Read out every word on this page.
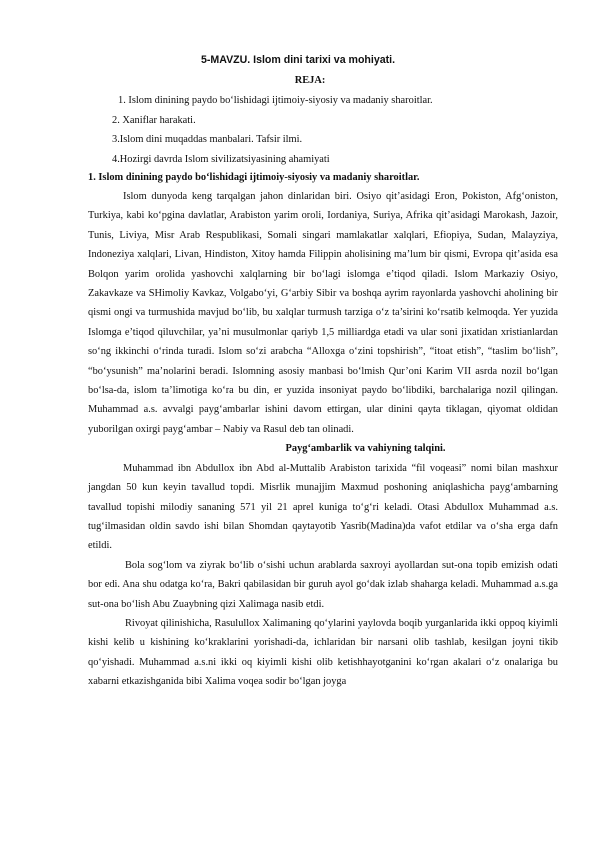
5-MAVZU. Islom dini tarixi va mohiyati.
REJA:
1. Islom dinining paydo bo‘lishidagi ijtimoiy-siyosiy va madaniy sharoitlar.
2. Xaniflar harakati.
3.Islom dini muqaddas manbalari. Tafsir ilmi.
4.Hozirgi davrda Islom sivilizatsiyasining ahamiyati
1. Islom dinining paydo bo‘lishidagi ijtimoiy-siyosiy va madaniy sharoitlar.

Islom dunyoda keng tarqalgan jahon dinlaridan biri. Osiyo qit’asidagi Eron, Pokiston, Afg‘oniston, Turkiya, kabi ko‘pgina davlatlar, Arabiston yarim oroli, Iordaniya, Suriya, Afrika qit’asidagi Marokash, Jazoir, Tunis, Liviya, Misr Arab Respublikasi, Somali singari mamlakatlar xalqlari, Efiopiya, Sudan, Malayziya, Indoneziya xalqlari, Livan, Hindiston, Xitoy hamda Filippin aholisining ma’lum bir qismi, Evropa qit’asida esa Bolqon yarim orolida yashovchi xalqlarning bir bo‘lagi islomga e’tiqod qiladi. Islom Markaziy Osiyo, Zakavkaze va SHimoliy Kavkaz, Volgabo‘yi, G‘arbiy Sibir va boshqa ayrim rayonlarda yashovchi aholining bir qismi ongi va turmushida mavjud bo‘lib, bu xalqlar turmush tarziga o‘z ta’sirini ko‘rsatib kelmoqda. Yer yuzida Islomga e’tiqod qiluvchilar, ya’ni musulmonlar qariyb 1,5 milliardga etadi va ular soni jixatidan xristianlardan so‘ng ikkinchi o‘rinda turadi. Islom so‘zi arabcha “Alloxga o‘zini topshirish”, “itoat etish”, “taslim bo‘lish”, “bo‘ysunish” ma’nolarini beradi. Islomning asosiy manbasi bo‘lmish Qur’oni Karim VII asrda nozil bo‘lgan bo‘lsa-da, islom ta’limotiga ko‘ra bu din, er yuzida insoniyat paydo bo‘libdiki, barchalariga nozil qilingan. Muhammad a.s. avvalgi payg‘ambarlar ishini davom ettirgan, ular dinini qayta tiklagan, qiyomat oldidan yuborilgan oxirgi payg‘ambar – Nabiy va Rasul deb tan olinadi.

Payg‘ambarlik va vahiyning talqini.

Muhammad ibn Abdullox ibn Abd al-Muttalib Arabiston tarixida “fil voqeasi” nomi bilan mashxur jangdan 50 kun keyin tavallud topdi. Misrlik munajjim Maxmud poshoning aniqlashicha payg‘ambarning tavallud topishi milodiy sananing 571 yil 21 aprel kuniga to‘g‘ri keladi. Otasi Abdullox Muhammad a.s. tug‘ilmasidan oldin savdo ishi bilan Shomdan qaytayotib Yasrib(Madina)da vafot etdilar va o‘sha erga dafn etildi.

Bola sog‘lom va ziyrak bo‘lib o‘sishi uchun arablarda saxroyi ayollardan sut-ona topib emizish odati bor edi. Ana shu odatga ko‘ra, Bakri qabilasidan bir guruh ayol go‘dak izlab shaharga keladi. Muhammad a.s.ga sut-ona bo‘lish Abu Zuaybning qizi Xalimaga nasib etdi.

Rivoyat qilinishicha, Rasulullox Xalimaning qo‘ylarini yaylovda boqib yurganlarida ikki oppoq kiyimli kishi kelib u kishining ko‘kraklarini yorishadi-da, ichlaridan bir narsani olib tashlab, kesilgan joyni tikib qo‘yishadi. Muhammad a.s.ni ikki oq kiyimli kishi olib ketishhayotganini ko‘rgan akalari o‘z onalariga bu xabarni etkazishganida bibi Xalima voqea sodir bo‘lgan joyga
